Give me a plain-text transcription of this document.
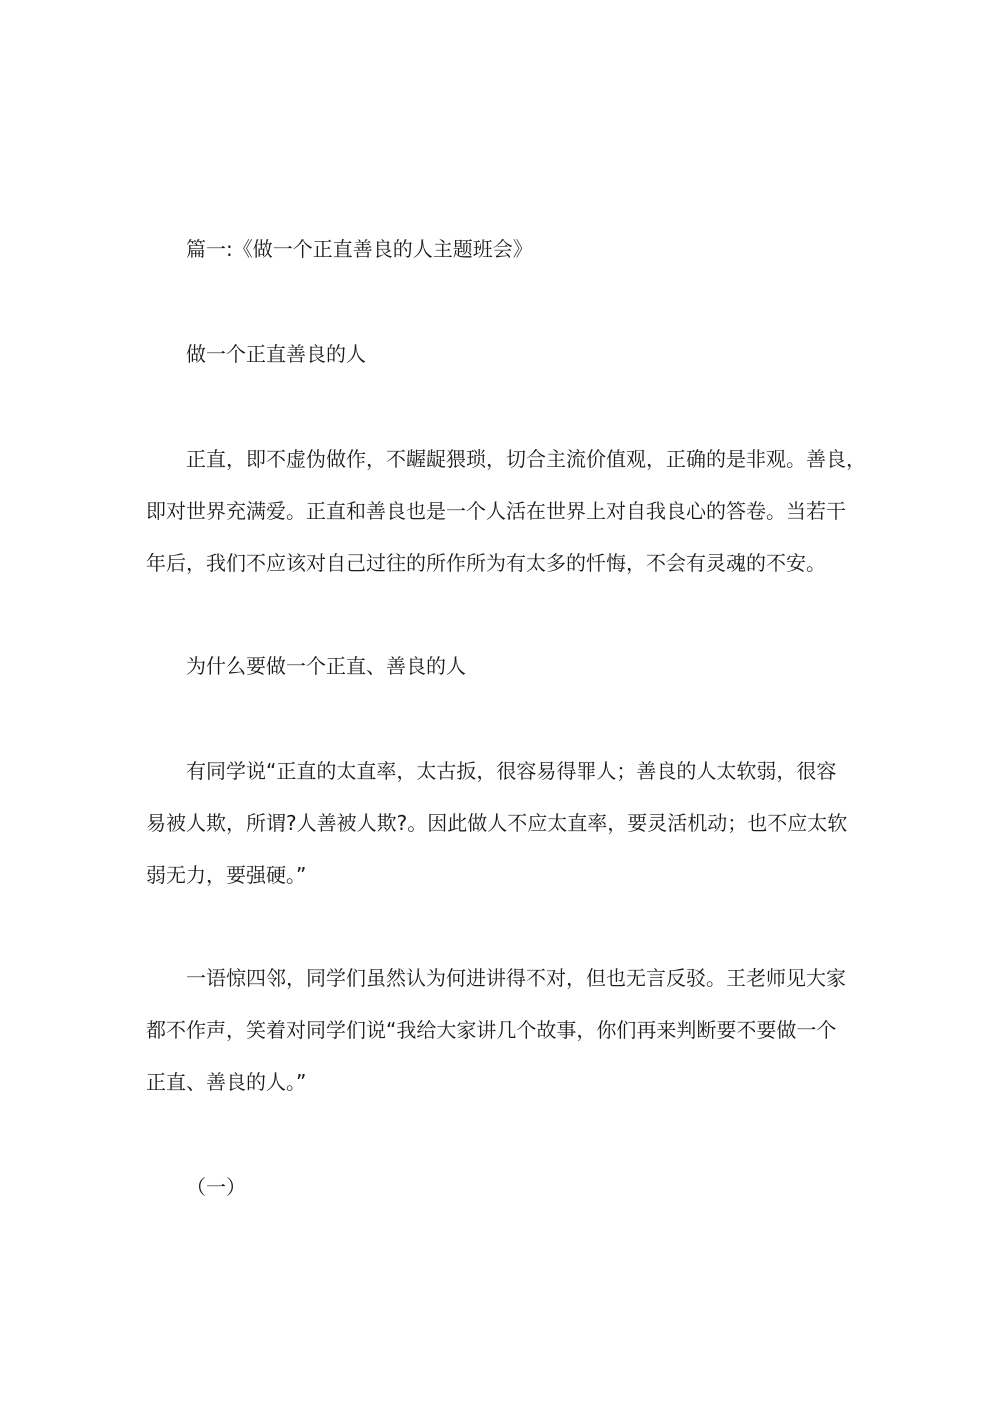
篇一:《做一个正直善良的人主题班会》

做一个正直善良的人

正直，即不虚伪做作，不龌龊猥琐，切合主流价值观，正确的是非观。善良，

即对世界充满爱。正直和善良也是一个人活在世界上对自我良心的答卷。当若干

年后，我们不应该对自己过往的所作所为有太多的忏悔，不会有灵魂的不安。

为什么要做一个正直、善良的人

有同学说“正直的太直率，太古扳，很容易得罪人；善良的人太软弱，很容

易被人欺，所谓?人善被人欺?。因此做人不应太直率，要灵活机动；也不应太软

弱无力，要强硬。”

一语惊四邻，同学们虽然认为何进讲得不对，但也无言反驳。王老师见大家

都不作声，笑着对同学们说“我给大家讲几个故事，你们再来判断要不要做一个

正直、善良的人。”

（一）
